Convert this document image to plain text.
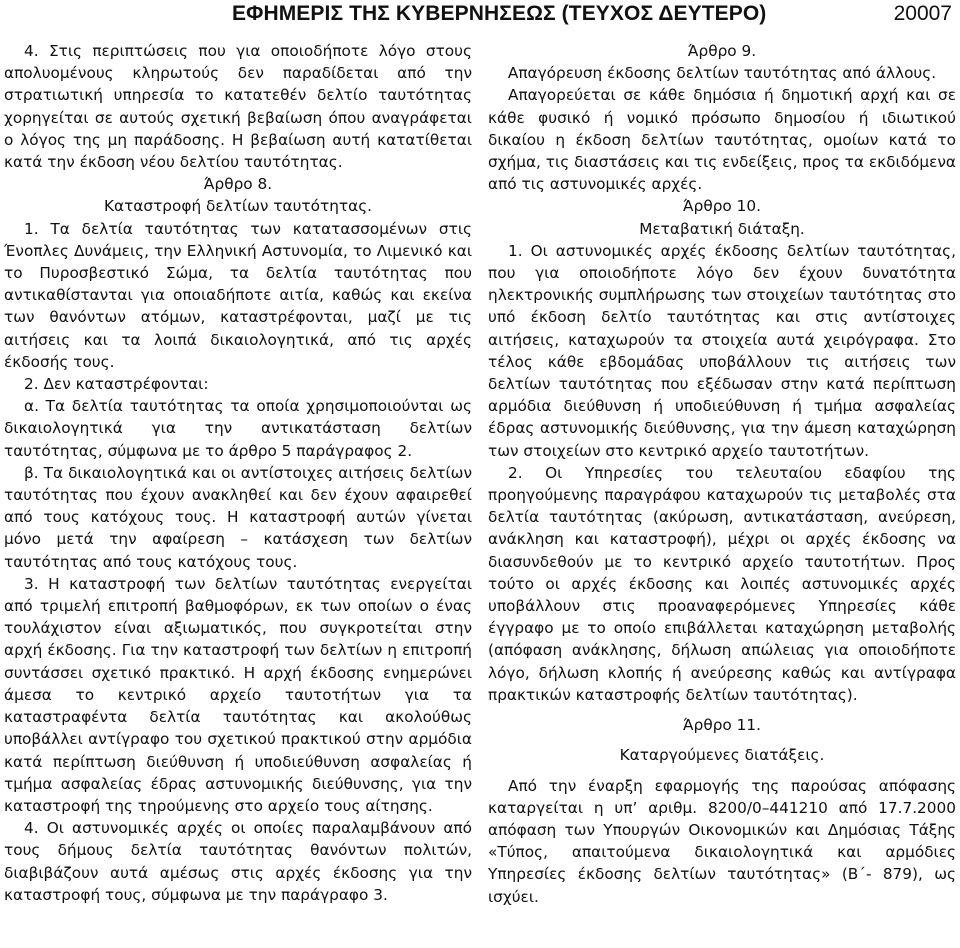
ΕΦΗΜΕΡΙΣ ΤΗΣ ΚΥΒΕΡΝΗΣΕΩΣ (ΤΕΥΧΟΣ ΔΕΥΤΕΡΟ)	20007

4. Στις περιπτώσεις που για οποιοδήποτε λόγο στους απολυομένους κληρωτούς δεν παραδίδεται από την στρατιωτική υπηρεσία το κατατεθέν δελτίο ταυτότητας χορηγείται σε αυτούς σχετική βεβαίωση όπου αναγράφεται ο λόγος της μη παράδοσης. Η βεβαίωση αυτή κατατίθεται κατά την έκδοση νέου δελτίου ταυτότητας.

Άρθρο 8.

Καταστροφή δελτίων ταυτότητας.

1. Τα δελτία ταυτότητας των κατατασσομένων στις Ένοπλες Δυνάμεις, την Ελληνική Αστυνομία, το Λιμενικό και το Πυροσβεστικό Σώμα, τα δελτία ταυτότητας που αντικαθίστανται για οποιαδήποτε αιτία, καθώς και εκείνα των θανόντων ατόμων, καταστρέφονται, μαζί με τις αιτήσεις και τα λοιπά δικαιολογητικά, από τις αρχές έκδοσής τους.

2. Δεν καταστρέφονται:

α. Τα δελτία ταυτότητας τα οποία χρησιμοποιούνται ως δικαιολογητικά για την αντικατάσταση δελτίων ταυτότητας, σύμφωνα με το άρθρο 5 παράγραφος 2.

β. Τα δικαιολογητικά και οι αντίστοιχες αιτήσεις δελτίων ταυτότητας που έχουν ανακληθεί και δεν έχουν αφαιρεθεί από τους κατόχους τους. Η καταστροφή αυτών γίνεται μόνο μετά την αφαίρεση – κατάσχεση των δελτίων ταυτότητας από τους κατόχους τους.

3. Η καταστροφή των δελτίων ταυτότητας ενεργείται από τριμελή επιτροπή βαθμοφόρων, εκ των οποίων ο ένας τουλάχιστον είναι αξιωματικός, που συγκροτείται στην αρχή έκδοσης. Για την καταστροφή των δελτίων η επιτροπή συντάσσει σχετικό πρακτικό. Η αρχή έκδοσης ενημερώνει άμεσα το κεντρικό αρχείο ταυτοτήτων για τα καταστραφέντα δελτία ταυτότητας και ακολούθως υποβάλλει αντίγραφο του σχετικού πρακτικού στην αρμόδια κατά περίπτωση διεύθυνση ή υποδιεύθυνση ασφαλείας ή τμήμα ασφαλείας έδρας αστυνομικής διεύθυνσης, για την καταστροφή της τηρούμενης στο αρχείο τους αίτησης.

4. Οι αστυνομικές αρχές οι οποίες παραλαμβάνουν από τους δήμους δελτία ταυτότητας θανόντων πολιτών, διαβιβάζουν αυτά αμέσως στις αρχές έκδοσης για την καταστροφή τους, σύμφωνα με την παράγραφο 3.

Άρθρο 9.

Απαγόρευση έκδοσης δελτίων ταυτότητας από άλλους.

Απαγορεύεται σε κάθε δημόσια ή δημοτική αρχή και σε κάθε φυσικό ή νομικό πρόσωπο δημοσίου ή ιδιωτικού δικαίου η έκδοση δελτίων ταυτότητας, ομοίων κατά το σχήμα, τις διαστάσεις και τις ενδείξεις, προς τα εκδιδόμενα από τις αστυνομικές αρχές.

Άρθρο 10.

Μεταβατική διάταξη.

1. Οι αστυνομικές αρχές έκδοσης δελτίων ταυτότητας, που για οποιοδήποτε λόγο δεν έχουν δυνατότητα ηλεκτρονικής συμπλήρωσης των στοιχείων ταυτότητας στο υπό έκδοση δελτίο ταυτότητας και στις αντίστοιχες αιτήσεις, καταχωρούν τα στοιχεία αυτά χειρόγραφα. Στο τέλος κάθε εβδομάδας υποβάλλουν τις αιτήσεις των δελτίων ταυτότητας που εξέδωσαν στην κατά περίπτωση αρμόδια διεύθυνση ή υποδιεύθυνση ή τμήμα ασφαλείας έδρας αστυνομικής διεύθυνσης, για την άμεση καταχώρηση των στοιχείων στο κεντρικό αρχείο ταυτοτήτων.

2. Οι Υπηρεσίες του τελευταίου εδαφίου της προηγούμενης παραγράφου καταχωρούν τις μεταβολές στα δελτία ταυτότητας (ακύρωση, αντικατάσταση, ανεύρεση, ανάκληση και καταστροφή), μέχρι οι αρχές έκδοσης να διασυνδεθούν με το κεντρικό αρχείο ταυτοτήτων. Προς τούτο οι αρχές έκδοσης και λοιπές αστυνομικές αρχές υποβάλλουν στις προαναφερόμενες Υπηρεσίες κάθε έγγραφο με το οποίο επιβάλλεται καταχώρηση μεταβολής (απόφαση ανάκλησης, δήλωση απώλειας για οποιοδήποτε λόγο, δήλωση κλοπής ή ανεύρεσης καθώς και αντίγραφα πρακτικών καταστροφής δελτίων ταυτότητας).

Άρθρο 11.

Καταργούμενες διατάξεις.

Από την έναρξη εφαρμογής της παρούσας απόφασης καταργείται η υπ’ αριθμ. 8200/0–441210 από 17.7.2000 απόφαση των Υπουργών Οικονομικών και Δημόσιας Τάξης «Τύπος, απαιτούμενα δικαιολογητικά και αρμόδιες Υπηρεσίες έκδοσης δελτίων ταυτότητας» (Β΄- 879), ως ισχύει.
